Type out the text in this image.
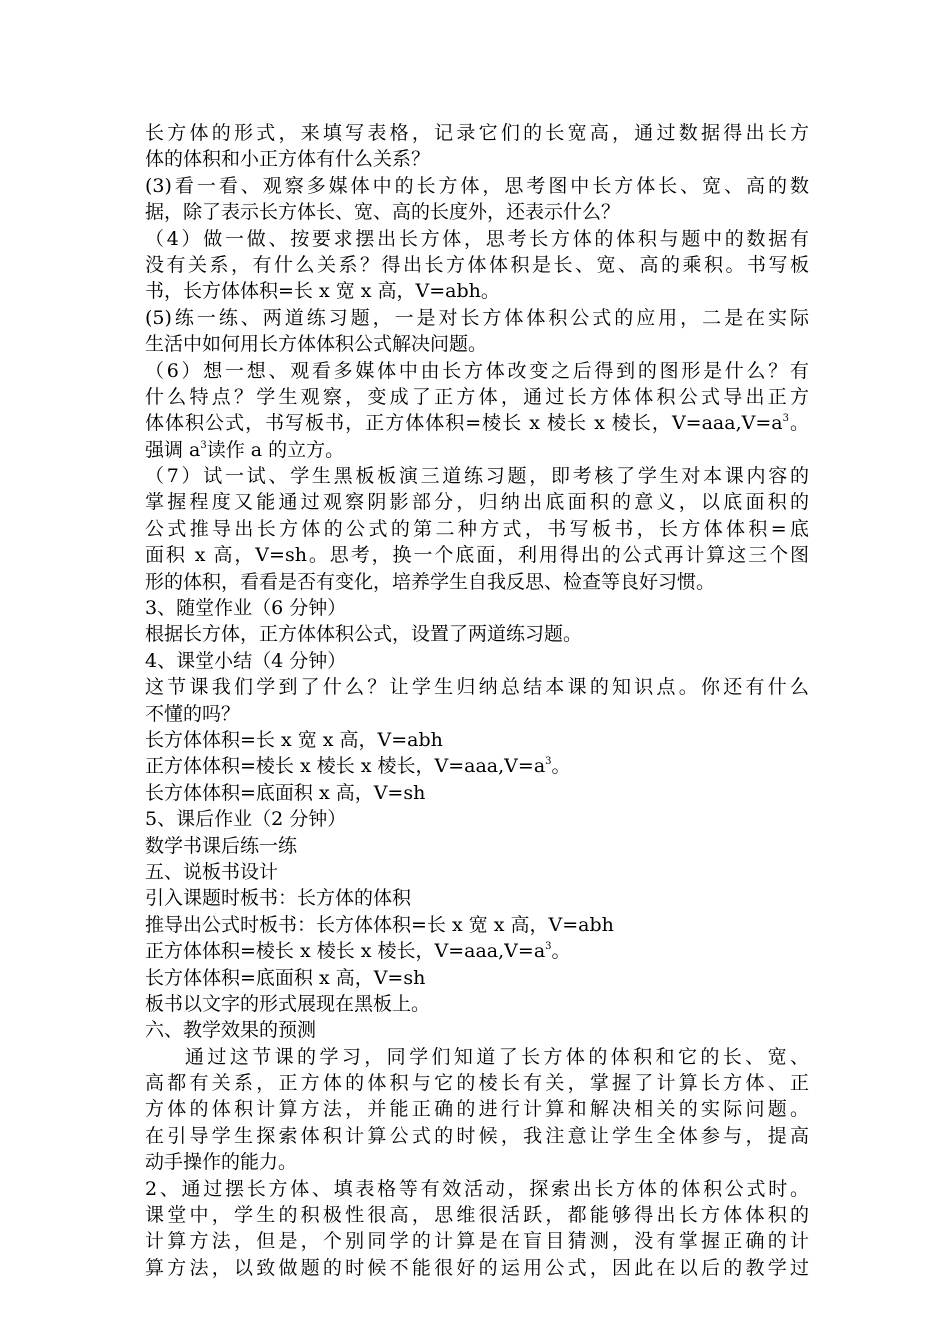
长方体的形式，来填写表格，记录它们的长宽高，通过数据得出长方
体的体积和小正方体有什么关系？
(3)看一看、观察多媒体中的长方体，思考图中长方体长、宽、高的数
据，除了表示长方体长、宽、高的长度外，还表示什么？
（4）做一做、按要求摆出长方体，思考长方体的体积与题中的数据有
没有关系，有什么关系？得出长方体体积是长、宽、高的乘积。书写板
书，长方体体积=长 x 宽 x 高，V=abh。
(5)练一练、两道练习题，一是对长方体体积公式的应用，二是在实际
生活中如何用长方体体积公式解决问题。
（6）想一想、观看多媒体中由长方体改变之后得到的图形是什么？有
什么特点？学生观察，变成了正方体，通过长方体体积公式导出正方
体体积公式，书写板书，正方体体积=棱长 x 棱长 x 棱长，$V=aaa,V=a^3$。
强调 $a^3$读作 a 的立方。
（7）试一试、学生黑板板演三道练习题，即考核了学生对本课内容的
掌握程度又能通过观察阴影部分，归纳出底面积的意义，以底面积的
公式推导出长方体的公式的第二种方式，书写板书，长方体体积=底
面积 x 高，V=sh。思考，换一个底面，利用得出的公式再计算这三个图
形的体积，看看是否有变化，培养学生自我反思、检查等良好习惯。
3、随堂作业（6 分钟）
根据长方体，正方体体积公式，设置了两道练习题。
4、课堂小结（4 分钟）
这节课我们学到了什么？让学生归纳总结本课的知识点。你还有什么
不懂的吗？
长方体体积=长 x 宽 x 高，V=abh
正方体体积=棱长 x 棱长 x 棱长，$V=aaa,V=a^3$。
长方体体积=底面积 x 高，V=sh
5、课后作业（2 分钟）
数学书课后练一练
五、说板书设计
引入课题时板书：长方体的体积
推导出公式时板书：长方体体积=长 x 宽 x 高，V=abh
正方体体积=棱长 x 棱长 x 棱长，$V=aaa,V=a^3$。
长方体体积=底面积 x 高，V=sh
板书以文字的形式展现在黑板上。
六、教学效果的预测
通过这节课的学习，同学们知道了长方体的体积和它的长、宽、
高都有关系，正方体的体积与它的棱长有关，掌握了计算长方体、正
方体的体积计算方法，并能正确的进行计算和解决相关的实际问题。
在引导学生探索体积计算公式的时候，我注意让学生全体参与，提高
动手操作的能力。
2、通过摆长方体、填表格等有效活动，探索出长方体的体积公式时。
课堂中，学生的积极性很高，思维很活跃，都能够得出长方体体积的
计算方法，但是，个别同学的计算是在盲目猜测，没有掌握正确的计
算方法，以致做题的时候不能很好的运用公式，因此在以后的教学过
